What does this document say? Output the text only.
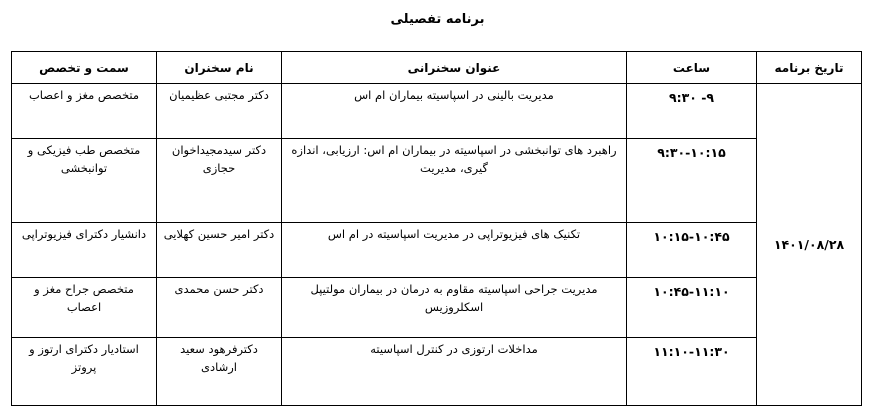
برنامه تفصیلی
تاریخ برنامه	ساعت	عنوان سخنرانی	نام سخنران	سمت و تخصص
۱۴۰۱/۰۸/۲۸	۹- ۹:۳۰	مدیریت بالینی در اسپاسیته بیماران ام اس	دکتر مجتبی عظیمیان	متخصص مغز و اعصاب
	۹:۳۰-۱۰:۱۵	راهبرد های توانبخشی در اسپاسیته در بیماران ام اس: ارزیابی، اندازه گیری، مدیریت	دکتر سیدمجیداخوان حجازی	متخصص طب فیزیکی و توانبخشی
	۱۰:۱۵-۱۰:۴۵	تکنیک های فیزیوتراپی در مدیریت اسپاسیته در ام اس	دکتر امیر حسین کهلایی	دانشیار دکترای فیزیوتراپی
	۱۰:۴۵-۱۱:۱۰	مدیریت جراحی اسپاسیته مقاوم به درمان در بیماران مولتیپل اسکلروزیس	دکتر حسن محمدی	متخصص جراح مغز و اعصاب
	۱۱:۱۰-۱۱:۳۰	مداخلات ارتوزی در کنترل اسپاسیته	دکترفرهود سعید ارشادی	استادیار دکترای ارتوز و پروتز
